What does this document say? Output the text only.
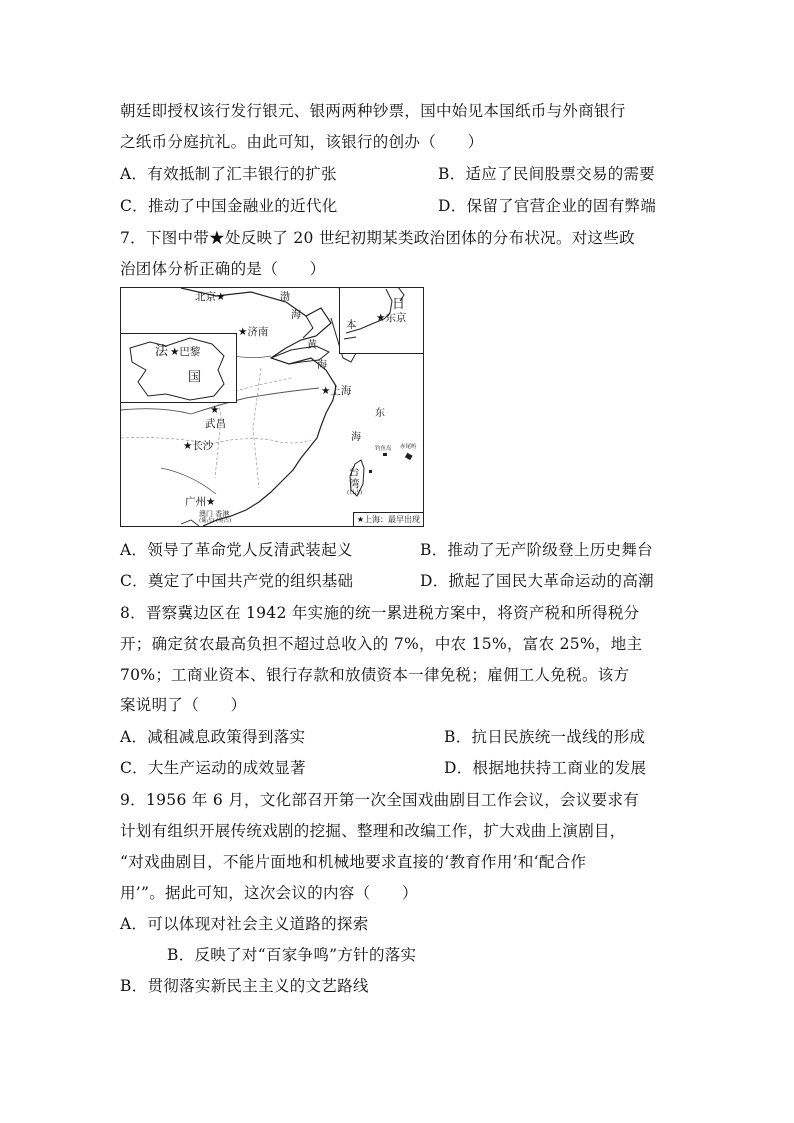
朝廷即授权该行发行银元、银两两种钞票，国中始见本国纸币与外商银行
之纸币分庭抗礼。由此可知，该银行的创办（　　）
A．有效抵制了汇丰银行的扩张	B．适应了民间股票交易的需要
C．推动了中国金融业的近代化	D．保留了官营企业的固有弊端
7．下图中带★处反映了 20 世纪初期某类政治团体的分布状况。对这些政
治团体分析正确的是（　　）
法 ★巴黎
国
日
本
★东京
北京★	渤
海
★济南
黄
海
★上海
★
武昌
东
海
★长沙	钓鱼岛 赤尾屿
台
湾
(日占)
广州★
澳门 香港
(葡占) (英占)	★上海：最早出现
A．领导了革命党人反清武装起义	B．推动了无产阶级登上历史舞台
C．奠定了中国共产党的组织基础	D．掀起了国民大革命运动的高潮
8．晋察冀边区在 1942 年实施的统一累进税方案中，将资产税和所得税分
开；确定贫农最高负担不超过总收入的 7%，中农 15%，富农 25%，地主
70%；工商业资本、银行存款和放债资本一律免税；雇佣工人免税。该方
案说明了（　　）
A．减租减息政策得到落实	B．抗日民族统一战线的形成
C．大生产运动的成效显著	D．根据地扶持工商业的发展
9．1956 年 6 月，文化部召开第一次全国戏曲剧目工作会议，会议要求有
计划有组织开展传统戏剧的挖掘、整理和改编工作，扩大戏曲上演剧目，
“对戏曲剧目，不能片面地和机械地要求直接的‘教育作用’和‘配合作
用’”。据此可知，这次会议的内容（　　）
A．可以体现对社会主义道路的探索
B．反映了对“百家争鸣”方针的落实
B．贯彻落实新民主主义的文艺路线
